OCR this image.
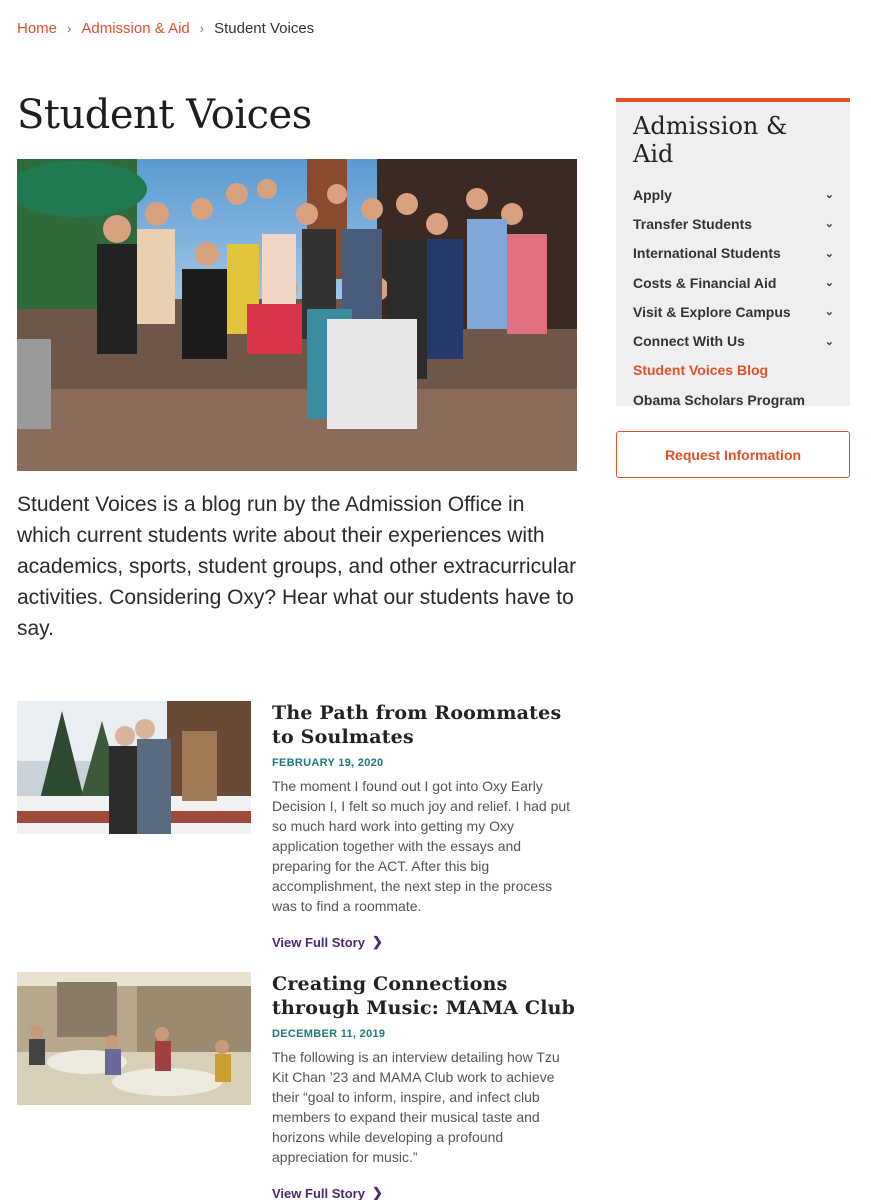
Home › Admission & Aid › Student Voices
Student Voices

Student Voices is a blog run by the Admission Office in which current students write about their experiences with academics, sports, student groups, and other extracurricular activities. Considering Oxy? Hear what our students have to say.

The Path from Roommates to Soulmates
FEBRUARY 19, 2020

The moment I found out I got into Oxy Early Decision I, I felt so much joy and relief. I had put so much hard work into getting my Oxy application together with the essays and preparing for the ACT. After this big accomplishment, the next step in the process was to find a roommate.

View Full Story ❯
Creating Connections through Music: MAMA Club
DECEMBER 11, 2019

The following is an interview detailing how Tzu Kit Chan ’23 and MAMA Club work to achieve their “goal to inform, inspire, and infect club members to expand their musical taste and horizons while developing a profound appreciation for music.”

View Full Story ❯
Admission & Aid
Apply	⌄
Transfer Students	⌄
International Students	⌄
Costs & Financial Aid	⌄
Visit & Explore Campus	⌄
Connect With Us	⌄
Student Voices Blog
Obama Scholars Program
Request Information
